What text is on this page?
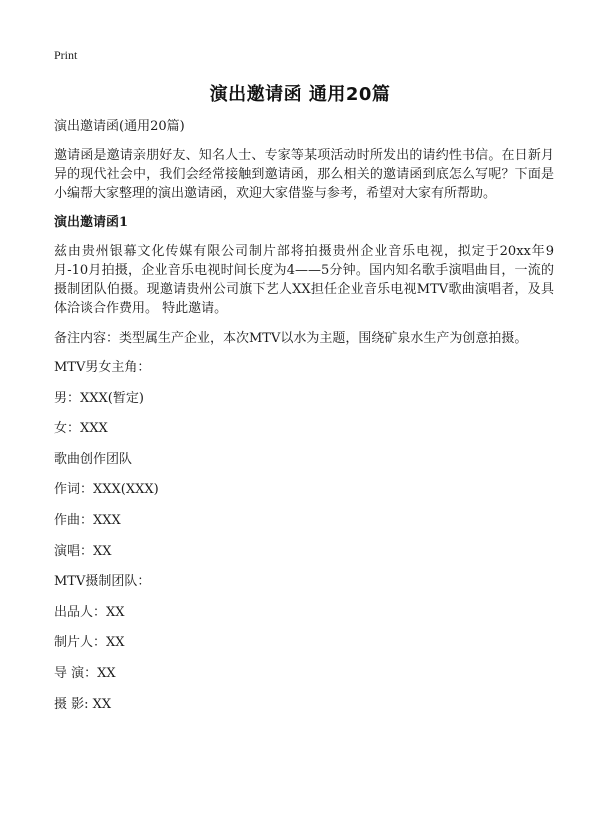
Print
演出邀请函 通用20篇
演出邀请函(通用20篇)
邀请函是邀请亲朋好友、知名人士、专家等某项活动时所发出的请约性书信。在日新月异的现代社会中，我们会经常接触到邀请函，那么相关的邀请函到底怎么写呢？下面是小编帮大家整理的演出邀请函，欢迎大家借鉴与参考，希望对大家有所帮助。
演出邀请函1
兹由贵州银幕文化传媒有限公司制片部将拍摄贵州企业音乐电视，拟定于20xx年9月-10月拍摄，企业音乐电视时间长度为4——5分钟。国内知名歌手演唱曲目，一流的摄制团队伯摄。现邀请贵州公司旗下艺人XX担任企业音乐电视MTV歌曲演唱者，及具体洽谈合作费用。 特此邀请。
备注内容：类型属生产企业，本次MTV以水为主题，围绕矿泉水生产为创意拍摄。
MTV男女主角：
男：XXX(暂定)
女：XXX
歌曲创作团队
作词：XXX(XXX)
作曲：XXX
演唱：XX
MTV摄制团队：
出品人：XX
制片人：XX
导 演：XX
摄 影: XX
